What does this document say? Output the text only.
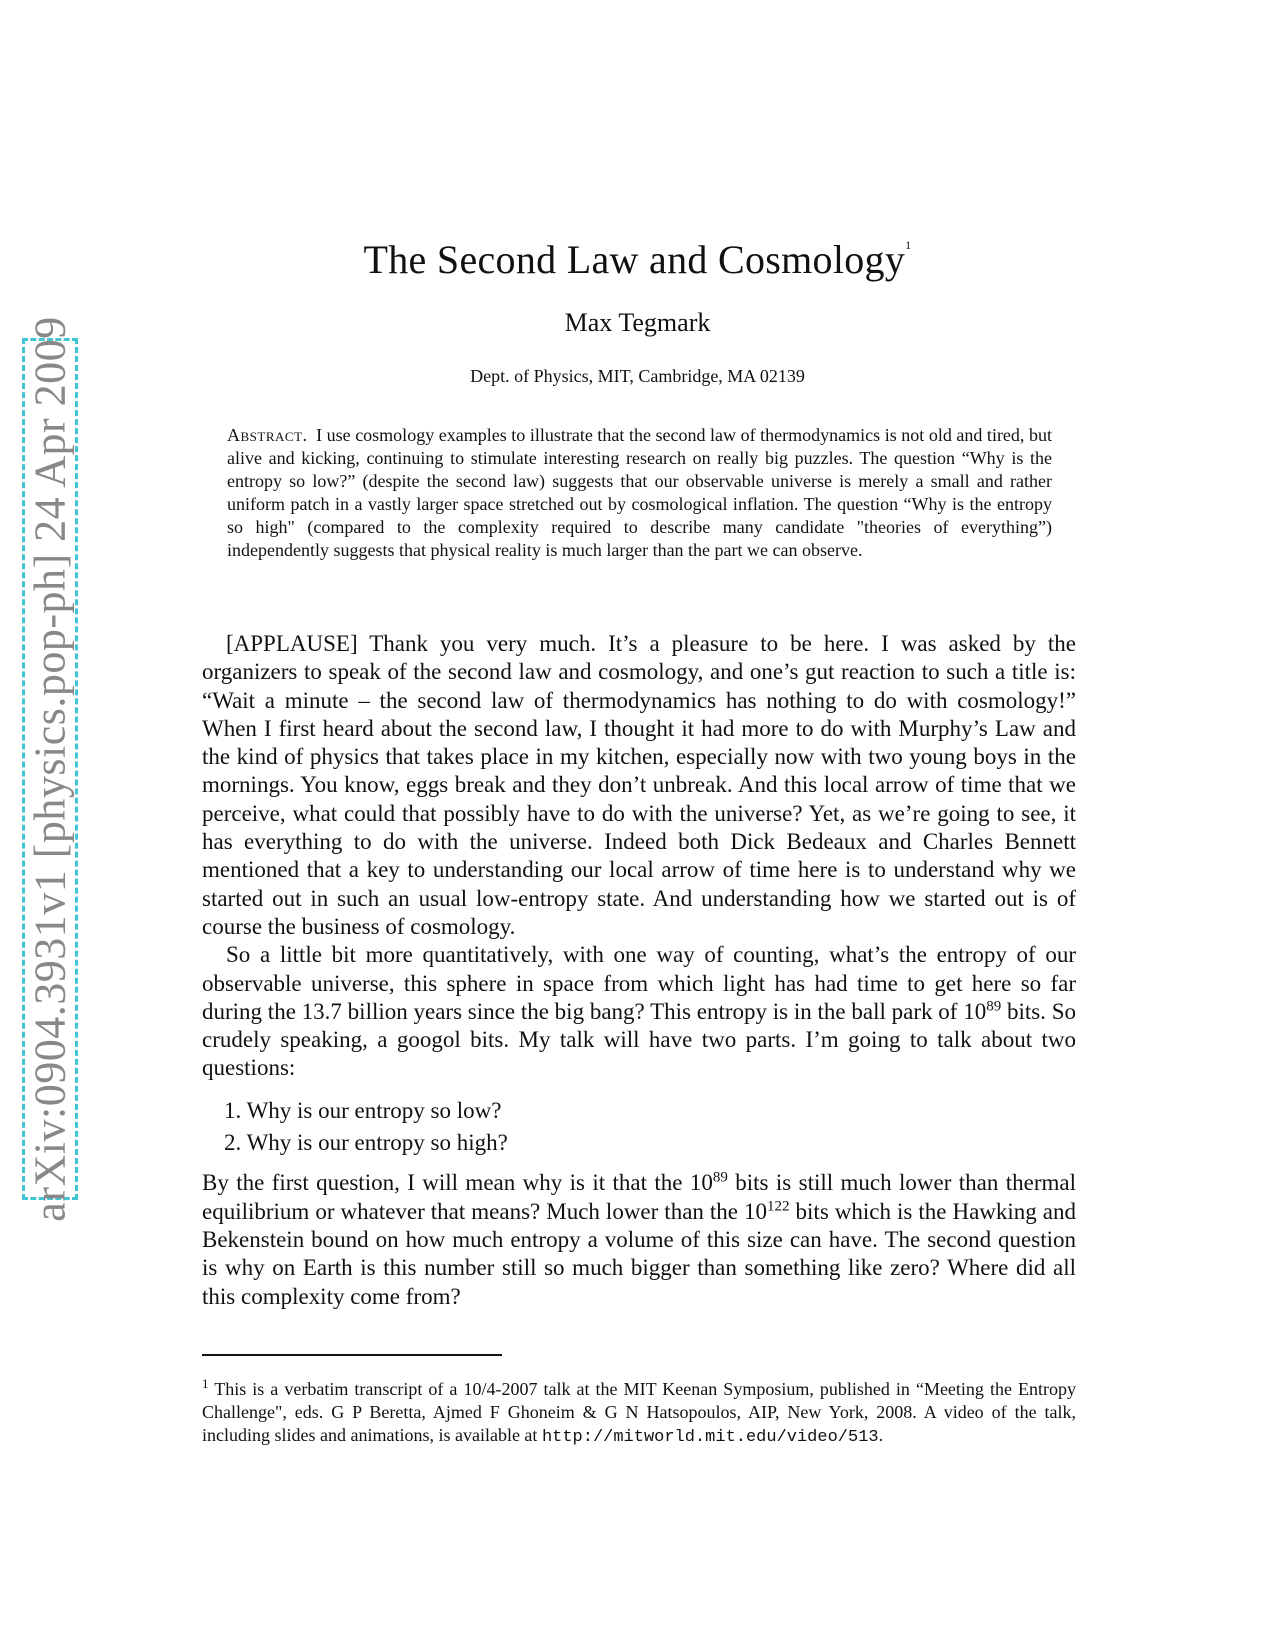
arXiv:0904.3931v1 [physics.pop-ph] 24 Apr 2009
The Second Law and Cosmology$^1$
Max Tegmark
Dept. of Physics, MIT, Cambridge, MA 02139
Abstract. I use cosmology examples to illustrate that the second law of thermodynamics is not old and tired, but alive and kicking, continuing to stimulate interesting research on really big puzzles. The question “Why is the entropy so low?” (despite the second law) suggests that our observable universe is merely a small and rather uniform patch in a vastly larger space stretched out by cosmological inflation. The question “Why is the entropy so high" (compared to the complexity required to describe many candidate "theories of everything”) independently suggests that physical reality is much larger than the part we can observe.

[APPLAUSE] Thank you very much. It’s a pleasure to be here. I was asked by the organizers to speak of the second law and cosmology, and one’s gut reaction to such a title is: “Wait a minute – the second law of thermodynamics has nothing to do with cosmology!” When I first heard about the second law, I thought it had more to do with Murphy’s Law and the kind of physics that takes place in my kitchen, especially now with two young boys in the mornings. You know, eggs break and they don’t unbreak. And this local arrow of time that we perceive, what could that possibly have to do with the universe? Yet, as we’re going to see, it has everything to do with the universe. Indeed both Dick Bedeaux and Charles Bennett mentioned that a key to understanding our local arrow of time here is to understand why we started out in such an usual low-entropy state. And understanding how we started out is of course the business of cosmology.

So a little bit more quantitatively, with one way of counting, what’s the entropy of our observable universe, this sphere in space from which light has had time to get here so far during the 13.7 billion years since the big bang? This entropy is in the ball park of $10^{89}$ bits. So crudely speaking, a googol bits. My talk will have two parts. I’m going to talk about two questions:

1. Why is our entropy so low?
2. Why is our entropy so high?

By the first question, I will mean why is it that the $10^{89}$ bits is still much lower than thermal equilibrium or whatever that means? Much lower than the $10^{122}$ bits which is the Hawking and Bekenstein bound on how much entropy a volume of this size can have. The second question is why on Earth is this number still so much bigger than something like zero? Where did all this complexity come from?

$^1$ This is a verbatim transcript of a 10/4-2007 talk at the MIT Keenan Symposium, published in “Meeting the Entropy Challenge", eds. G P Beretta, Ajmed F Ghoneim & G N Hatsopoulos, AIP, New York, 2008. A video of the talk, including slides and animations, is available at http://mitworld.mit.edu/video/513.
